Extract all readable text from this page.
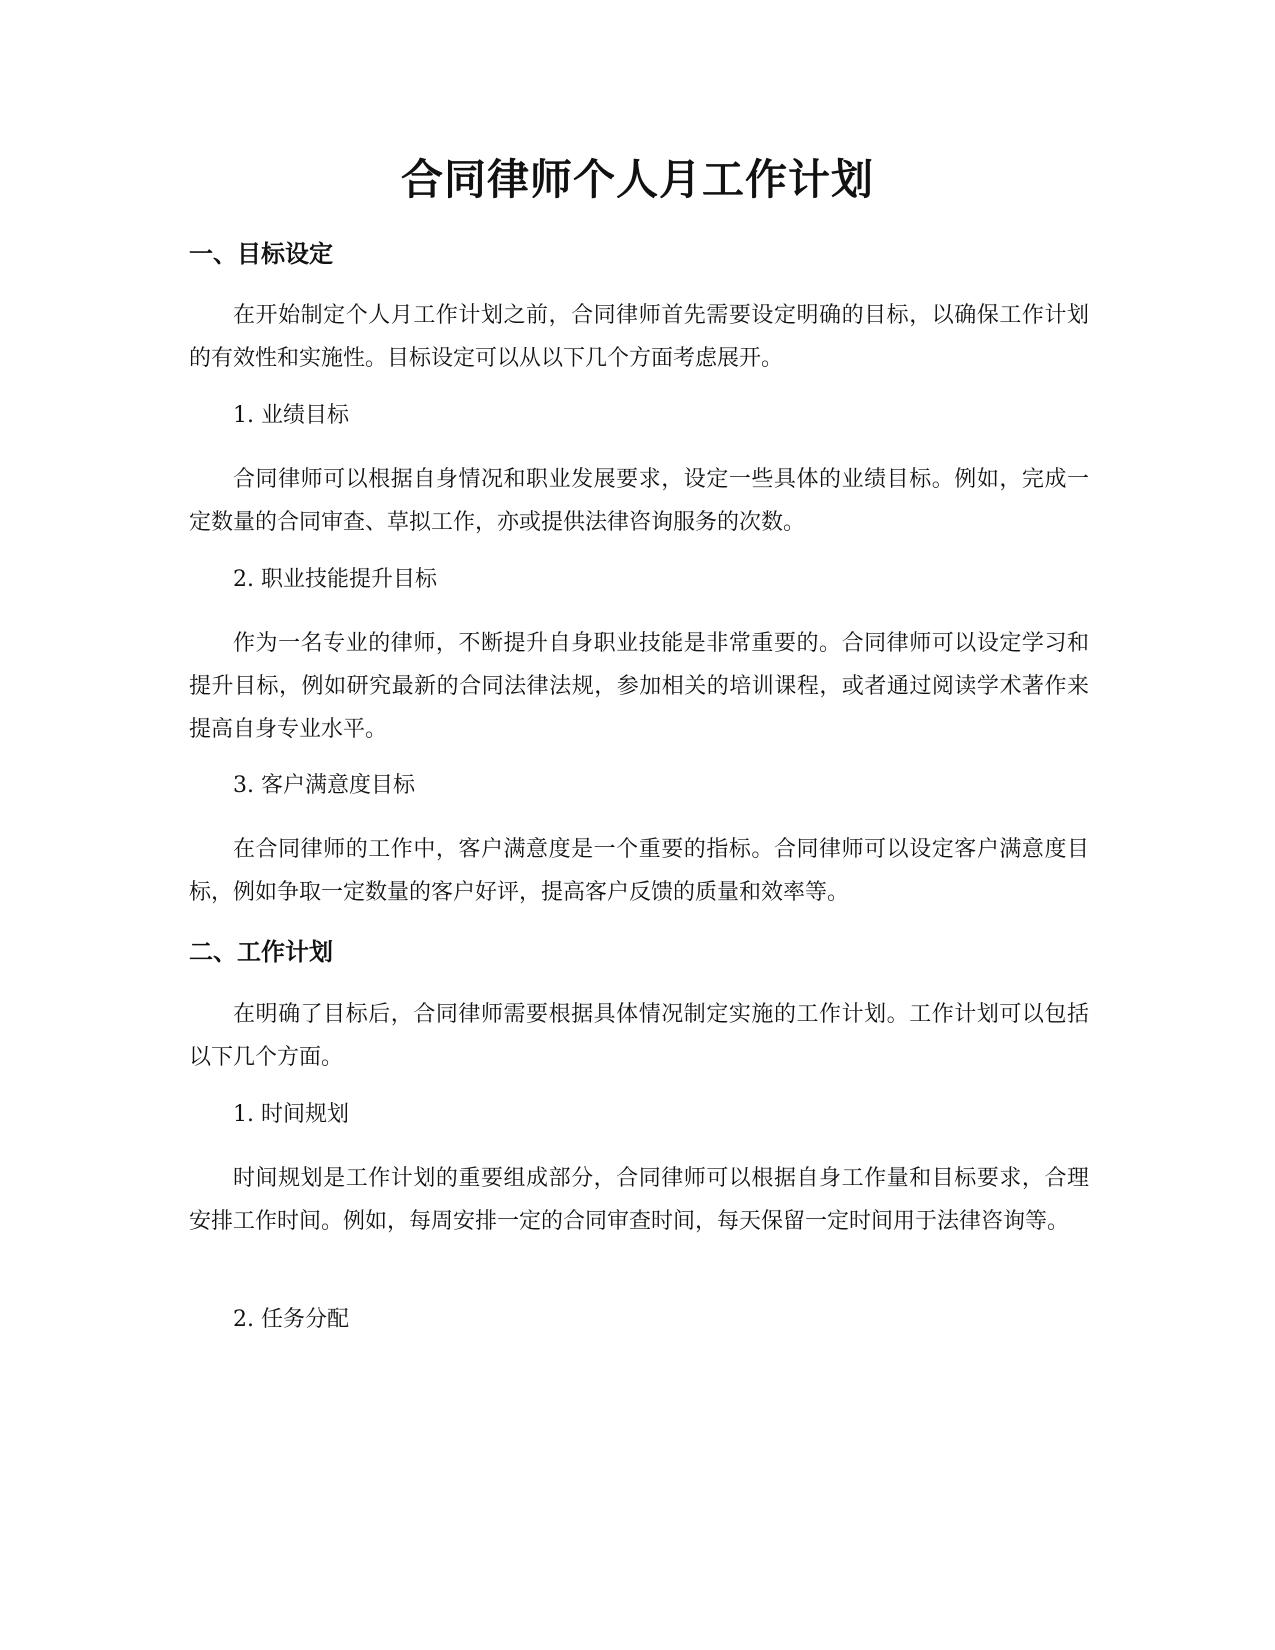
合同律师个人月工作计划
一、目标设定

在开始制定个人月工作计划之前，合同律师首先需要设定明确的目标，以确保工作计划的有效性和实施性。目标设定可以从以下几个方面考虑展开。

1. 业绩目标

合同律师可以根据自身情况和职业发展要求，设定一些具体的业绩目标。例如，完成一定数量的合同审查、草拟工作，亦或提供法律咨询服务的次数。

2. 职业技能提升目标

作为一名专业的律师，不断提升自身职业技能是非常重要的。合同律师可以设定学习和提升目标，例如研究最新的合同法律法规，参加相关的培训课程，或者通过阅读学术著作来提高自身专业水平。

3. 客户满意度目标

在合同律师的工作中，客户满意度是一个重要的指标。合同律师可以设定客户满意度目标，例如争取一定数量的客户好评，提高客户反馈的质量和效率等。

二、工作计划

在明确了目标后，合同律师需要根据具体情况制定实施的工作计划。工作计划可以包括以下几个方面。

1. 时间规划

时间规划是工作计划的重要组成部分，合同律师可以根据自身工作量和目标要求，合理安排工作时间。例如，每周安排一定的合同审查时间，每天保留一定时间用于法律咨询等。

2. 任务分配
